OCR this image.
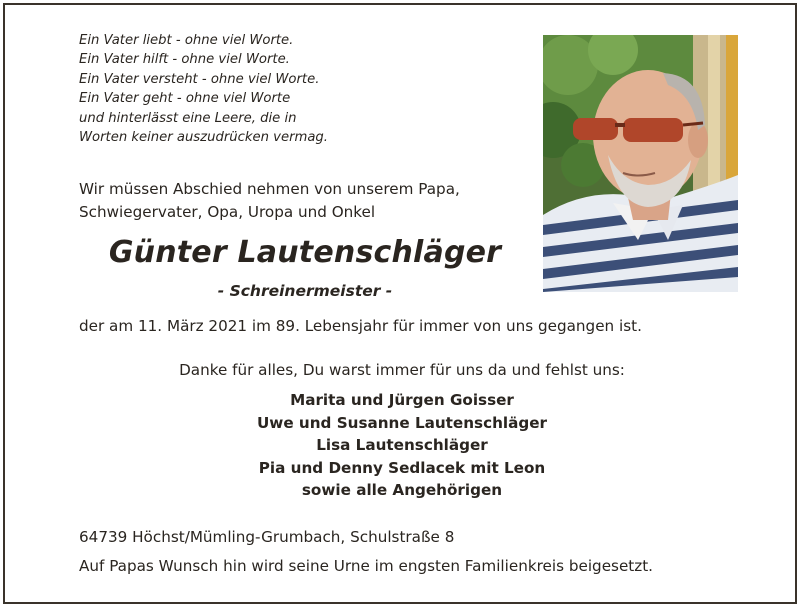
Ein Vater liebt - ohne viel Worte.
Ein Vater hilft - ohne viel Worte.
Ein Vater versteht - ohne viel Worte.
Ein Vater geht - ohne viel Worte
und hinterlässt eine Leere, die in
Worten keiner auszudrücken vermag.
Wir müssen Abschied nehmen von unserem Papa,
Schwiegervater, Opa, Uropa und Onkel
Günter Lautenschläger
- Schreinermeister -
der am 11. März 2021 im 89. Lebensjahr für immer von uns gegangen ist.
Danke für alles, Du warst immer für uns da und fehlst uns:
Marita und Jürgen Goisser
Uwe und Susanne Lautenschläger
Lisa Lautenschläger
Pia und Denny Sedlacek mit Leon
sowie alle Angehörigen
64739 Höchst/Mümling-Grumbach, Schulstraße 8
Auf Papas Wunsch hin wird seine Urne im engsten Familienkreis beigesetzt.
